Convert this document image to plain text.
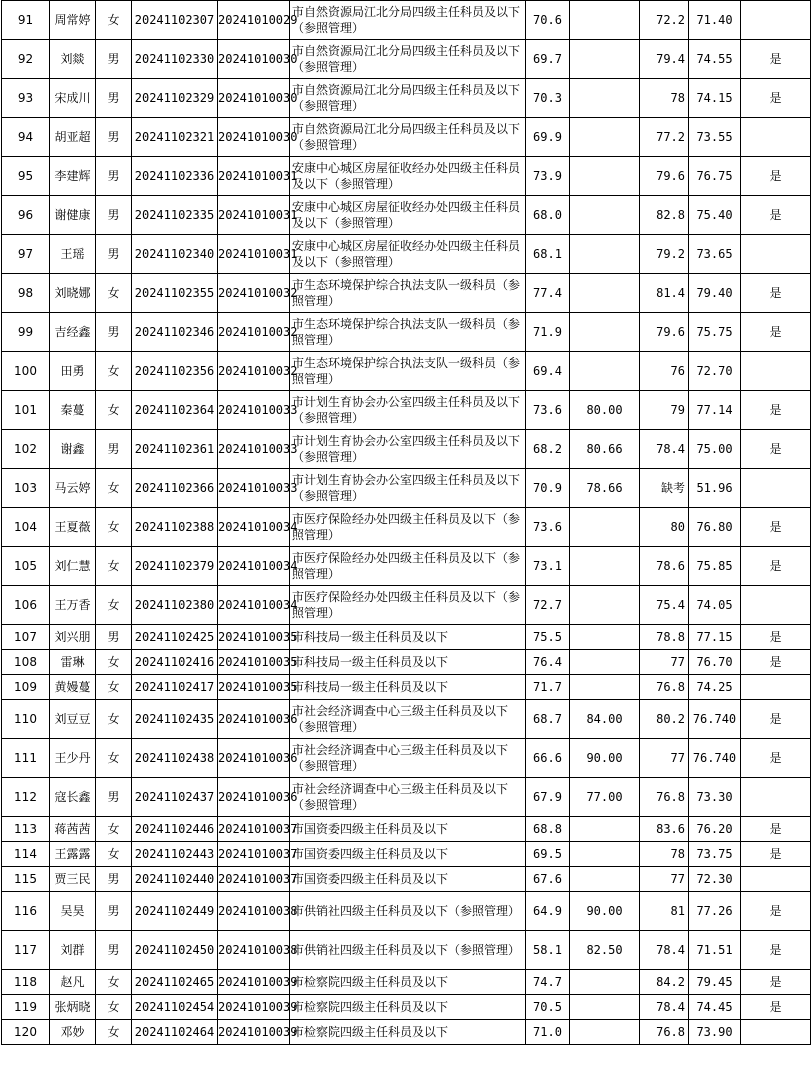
91	周常婷	女	20241102307	20241010029	市自然资源局江北分局四级主任科员及以下（参照管理）	70.6		72.2	71.40	
92	刘燚	男	20241102330	20241010030	市自然资源局江北分局四级主任科员及以下（参照管理）	69.7		79.4	74.55	是
93	宋成川	男	20241102329	20241010030	市自然资源局江北分局四级主任科员及以下（参照管理）	70.3		78	74.15	是
94	胡亚超	男	20241102321	20241010030	市自然资源局江北分局四级主任科员及以下（参照管理）	69.9		77.2	73.55	
95	李建辉	男	20241102336	20241010031	安康中心城区房屋征收经办处四级主任科员及以下（参照管理）	73.9		79.6	76.75	是
96	谢健康	男	20241102335	20241010031	安康中心城区房屋征收经办处四级主任科员及以下（参照管理）	68.0		82.8	75.40	是
97	王瑶	男	20241102340	20241010031	安康中心城区房屋征收经办处四级主任科员及以下（参照管理）	68.1		79.2	73.65	
98	刘晓娜	女	20241102355	20241010032	市生态环境保护综合执法支队一级科员（参照管理）	77.4		81.4	79.40	是
99	吉经鑫	男	20241102346	20241010032	市生态环境保护综合执法支队一级科员（参照管理）	71.9		79.6	75.75	是
100	田勇	女	20241102356	20241010032	市生态环境保护综合执法支队一级科员（参照管理）	69.4		76	72.70	
101	秦蔓	女	20241102364	20241010033	市计划生育协会办公室四级主任科员及以下（参照管理）	73.6	80.00	79	77.14	是
102	谢鑫	男	20241102361	20241010033	市计划生育协会办公室四级主任科员及以下（参照管理）	68.2	80.66	78.4	75.00	是
103	马云婷	女	20241102366	20241010033	市计划生育协会办公室四级主任科员及以下（参照管理）	70.9	78.66	缺考	51.96	
104	王夏薇	女	20241102388	20241010034	市医疗保险经办处四级主任科员及以下（参照管理）	73.6		80	76.80	是
105	刘仁慧	女	20241102379	20241010034	市医疗保险经办处四级主任科员及以下（参照管理）	73.1		78.6	75.85	是
106	王万香	女	20241102380	20241010034	市医疗保险经办处四级主任科员及以下（参照管理）	72.7		75.4	74.05	
107	刘兴朋	男	20241102425	20241010035	市科技局一级主任科员及以下	75.5		78.8	77.15	是
108	雷琳	女	20241102416	20241010035	市科技局一级主任科员及以下	76.4		77	76.70	是
109	黄嫚蔓	女	20241102417	20241010035	市科技局一级主任科员及以下	71.7		76.8	74.25	
110	刘豆豆	女	20241102435	20241010036	市社会经济调查中心三级主任科员及以下（参照管理）	68.7	84.00	80.2	76.740	是
111	王少丹	女	20241102438	20241010036	市社会经济调查中心三级主任科员及以下（参照管理）	66.6	90.00	77	76.740	是
112	寇长鑫	男	20241102437	20241010036	市社会经济调查中心三级主任科员及以下（参照管理）	67.9	77.00	76.8	73.30	
113	蒋茜茜	女	20241102446	20241010037	市国资委四级主任科员及以下	68.8		83.6	76.20	是
114	王露露	女	20241102443	20241010037	市国资委四级主任科员及以下	69.5		78	73.75	是
115	贾三民	男	20241102440	20241010037	市国资委四级主任科员及以下	67.6		77	72.30	
116	吴昊	男	20241102449	20241010038	市供销社四级主任科员及以下（参照管理）	64.9	90.00	81	77.26	是
117	刘群	男	20241102450	20241010038	市供销社四级主任科员及以下（参照管理）	58.1	82.50	78.4	71.51	是
118	赵凡	女	20241102465	20241010039	市检察院四级主任科员及以下	74.7		84.2	79.45	是
119	张炳晓	女	20241102454	20241010039	市检察院四级主任科员及以下	70.5		78.4	74.45	是
120	邓妙	女	20241102464	20241010039	市检察院四级主任科员及以下	71.0		76.8	73.90	
